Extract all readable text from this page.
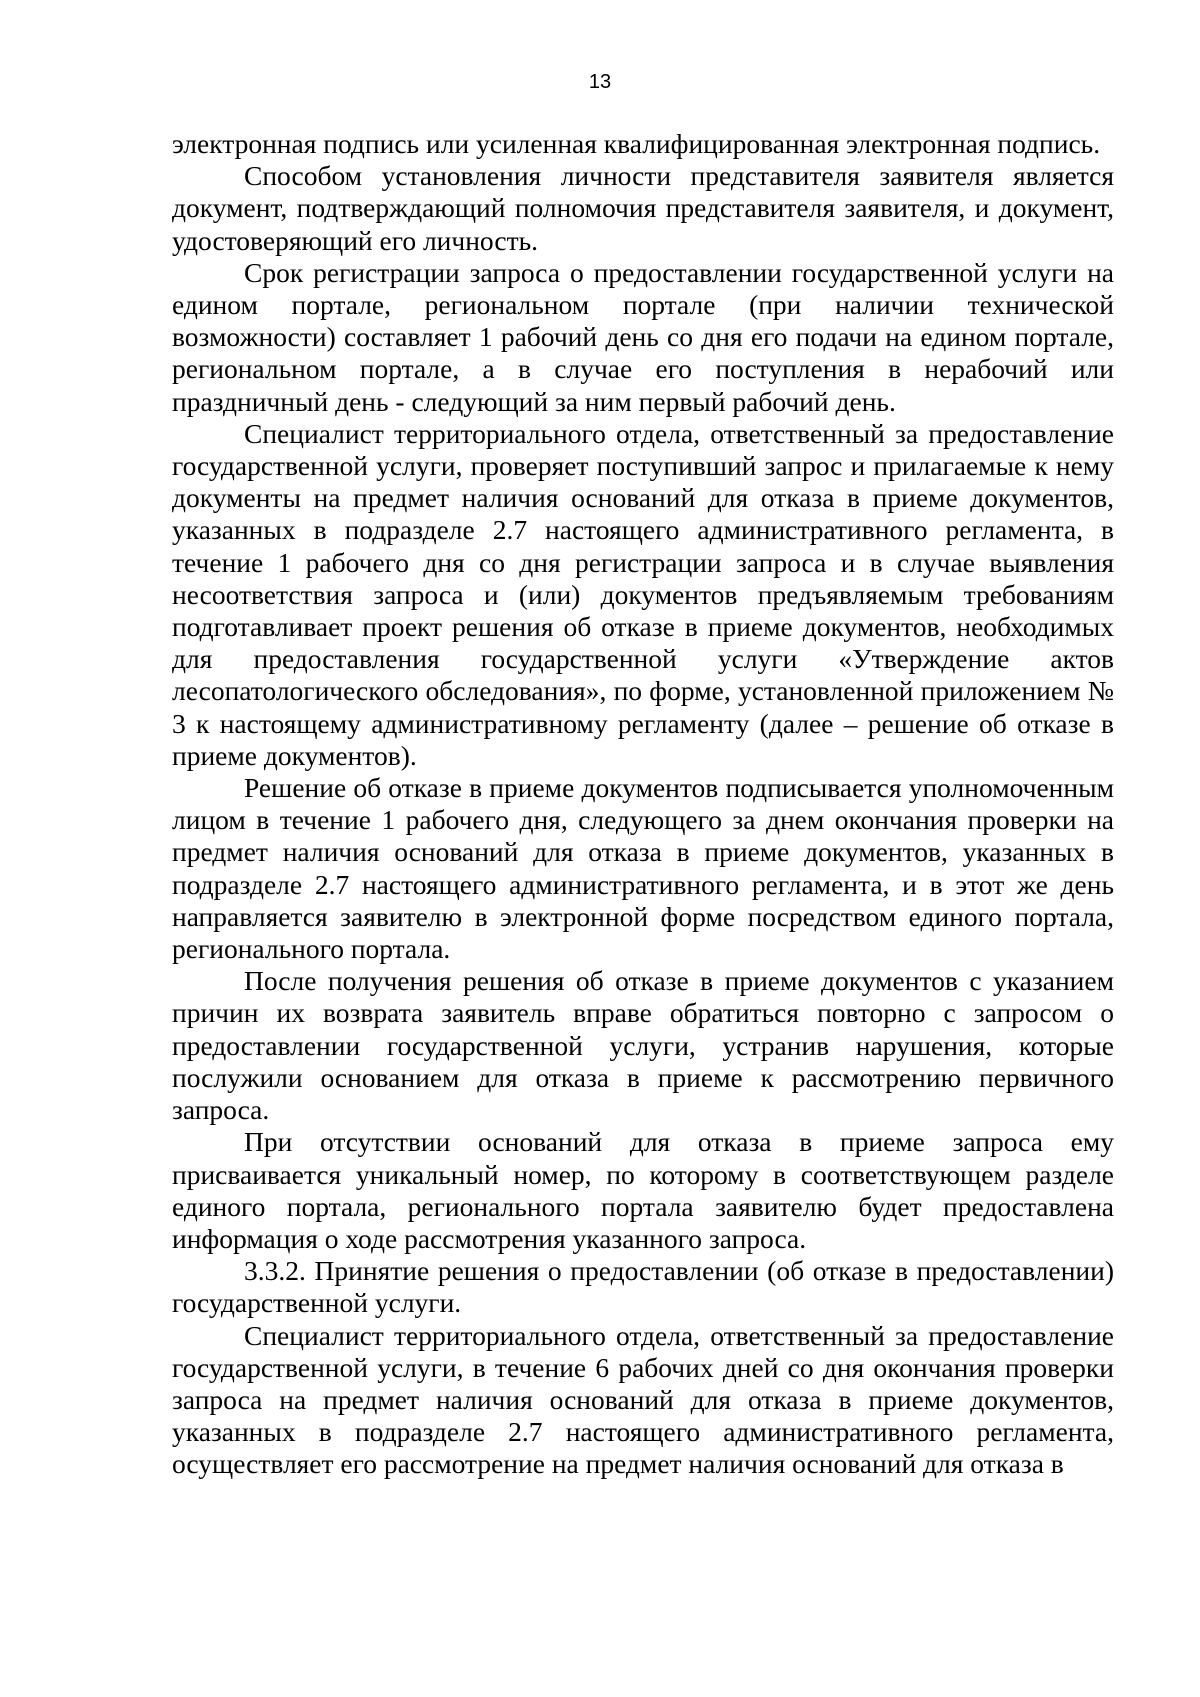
13

электронная подпись или усиленная квалифицированная электронная подпись.

Способом установления личности представителя заявителя является документ, подтверждающий полномочия представителя заявителя, и документ, удостоверяющий его личность.

Срок регистрации запроса о предоставлении государственной услуги на едином портале, региональном портале (при наличии технической возможности) составляет 1 рабочий день со дня его подачи на едином портале, региональном портале, а в случае его поступления в нерабочий или праздничный день - следующий за ним первый рабочий день.

Специалист территориального отдела, ответственный за предоставление государственной услуги, проверяет поступивший запрос и прилагаемые к нему документы на предмет наличия оснований для отказа в приеме документов, указанных в подразделе 2.7 настоящего административного регламента, в течение 1 рабочего дня со дня регистрации запроса и в случае выявления несоответствия запроса и (или) документов предъявляемым требованиям подготавливает проект решения об отказе в приеме документов, необходимых для предоставления государственной услуги «Утверждение актов лесопатологического обследования», по форме, установленной приложением № 3 к настоящему административному регламенту (далее – решение об отказе в приеме документов).

Решение об отказе в приеме документов подписывается уполномоченным лицом в течение 1 рабочего дня, следующего за днем окончания проверки на предмет наличия оснований для отказа в приеме документов, указанных в подразделе 2.7 настоящего административного регламента, и в этот же день направляется заявителю в электронной форме посредством единого портала, регионального портала.

После получения решения об отказе в приеме документов с указанием причин их возврата заявитель вправе обратиться повторно с запросом о предоставлении государственной услуги, устранив нарушения, которые послужили основанием для отказа в приеме к рассмотрению первичного запроса.

При отсутствии оснований для отказа в приеме запроса ему присваивается уникальный номер, по которому в соответствующем разделе единого портала, регионального портала заявителю будет предоставлена информация о ходе рассмотрения указанного запроса.

3.3.2. Принятие решения о предоставлении (об отказе в предоставлении) государственной услуги.

Специалист территориального отдела, ответственный за предоставление государственной услуги, в течение 6 рабочих дней со дня окончания проверки запроса на предмет наличия оснований для отказа в приеме документов, указанных в подразделе 2.7 настоящего административного регламента, осуществляет его рассмотрение на предмет наличия оснований для отказа в
